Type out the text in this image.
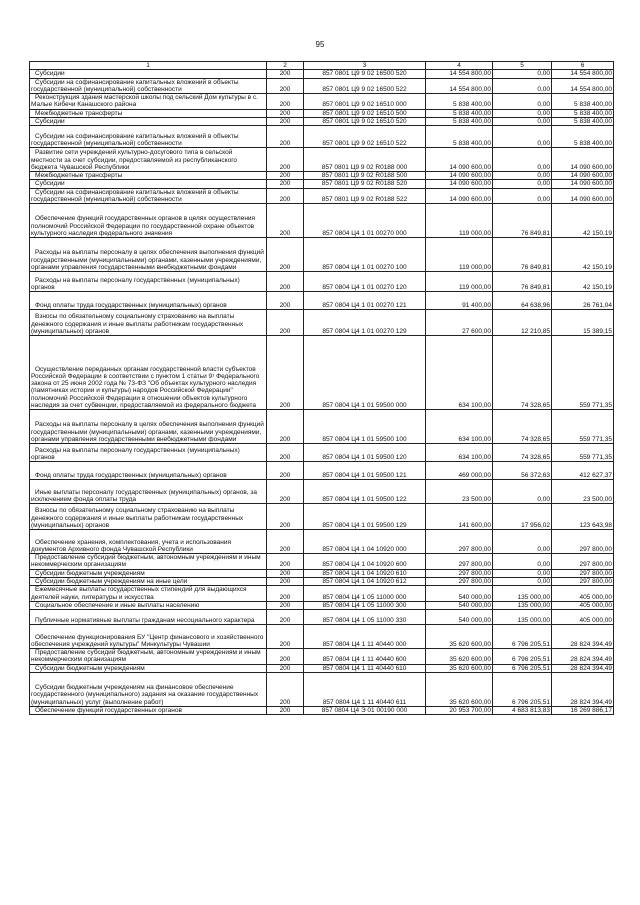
95
1	2	3	4	5	6
Субсидии	200	857 0801 Ц9 9 02 16500 520	14 554 800,00	0,00	14 554 800,00
Субсидии на софинансирование капитальных вложений в объекты государственной (муниципальной) собственности	200	857 0801 Ц9 9 02 16500 522	14 554 800,00	0,00	14 554 800,00
Реконструкция здания мастерской школы под сельский Дом культуры в с. Малые Кибечи Канашского района	200	857 0801 Ц9 9 02 16510 000	5 838 400,00	0,00	5 838 400,00
Межбюджетные трансферты	200	857 0801 Ц9 9 02 16510 500	5 838 400,00	0,00	5 838 400,00
Субсидии	200	857 0801 Ц9 9 02 16510 520	5 838 400,00	0,00	5 838 400,00
Субсидии на софинансирование капитальных вложений в объекты государственной (муниципальной) собственности	200	857 0801 Ц9 9 02 16510 522	5 838 400,00	0,00	5 838 400,00
Развитие сети учреждений культурно-досугового типа в сельской местности за счет субсидии, предоставляемой из республиканского бюджета Чувашской Республики	200	857 0801 Ц9 9 02 R0188 000	14 090 600,00	0,00	14 090 600,00
Межбюджетные трансферты	200	857 0801 Ц9 9 02 R0188 500	14 090 600,00	0,00	14 090 600,00
Субсидии	200	857 0801 Ц9 9 02 R0188 520	14 090 600,00	0,00	14 090 600,00
Субсидии на софинансирование капитальных вложений в объекты государственной (муниципальной) собственности	200	857 0801 Ц9 9 02 R0188 522	14 090 600,00	0,00	14 090 600,00
Обеспечение функций государственных органов в целях осуществления полномочий Российской Федерации по государственной охране объектов культурного наследия федерального значения	200	857 0804 Ц4 1 01 00270 000	119 000,00	76 849,81	42 150,19
Расходы на выплаты персоналу в целях обеспечения выполнения функций государственными (муниципальными) органами, казенными учреждениями, органами управления государственными внебюджетными фондами	200	857 0804 Ц4 1 01 00270 100	119 000,00	76 849,81	42 150,19
Расходы на выплаты персоналу государственных (муниципальных) органов	200	857 0804 Ц4 1 01 00270 120	119 000,00	76 849,81	42 150,19
Фонд оплаты труда государственных (муниципальных) органов	200	857 0804 Ц4 1 01 00270 121	91 400,00	64 638,96	26 761,04
Взносы по обязательному социальному страхованию на выплаты денежного содержания и иные выплаты работникам государственных (муниципальных) органов	200	857 0804 Ц4 1 01 00270 129	27 600,00	12 210,85	15 389,15
Осуществление переданных органам государственной власти субъектов Российской Федерации в соответствии с пунктом 1 статьи 9¹ Федерального закона от 25 июня 2002 года № 73-ФЗ "Об объектах культурного наследия (памятниках истории и культуры) народов Российской Федерации" полномочий Российской Федерации в отношении объектов культурного наследия за счет субвенции, предоставляемой из федерального бюджета	200	857 0804 Ц4 1 01 59500 000	634 100,00	74 328,65	559 771,35
Расходы на выплаты персоналу в целях обеспечения выполнения функций государственными (муниципальными) органами, казенными учреждениями, органами управления государственными внебюджетными фондами	200	857 0804 Ц4 1 01 59500 100	634 100,00	74 328,65	559 771,35
Расходы на выплаты персоналу государственных (муниципальных) органов	200	857 0804 Ц4 1 01 59500 120	634 100,00	74 328,65	559 771,35
Фонд оплаты труда государственных (муниципальных) органов	200	857 0804 Ц4 1 01 59500 121	469 000,00	56 372,63	412 627,37
Иные выплаты персоналу государственных (муниципальных) органов, за исключением фонда оплаты труда	200	857 0804 Ц4 1 01 59500 122	23 500,00	0,00	23 500,00
Взносы по обязательному социальному страхованию на выплаты денежного содержания и иные выплаты работникам государственных (муниципальных) органов	200	857 0804 Ц4 1 01 59500 129	141 600,00	17 956,02	123 643,98
Обеспечение хранения, комплектования, учета и использования документов Архивного фонда Чувашской Республики	200	857 0804 Ц4 1 04 10920 000	297 800,00	0,00	297 800,00
Предоставление субсидий бюджетным, автономным учреждениям и иным некоммерческим организациям	200	857 0804 Ц4 1 04 10920 600	297 800,00	0,00	297 800,00
Субсидии бюджетным учреждениям	200	857 0804 Ц4 1 04 10920 610	297 800,00	0,00	297 800,00
Субсидии бюджетным учреждениям на иные цели	200	857 0804 Ц4 1 04 10920 612	297 800,00	0,00	297 800,00
Ежемесячные выплаты государственных стипендий для выдающихся деятелей науки, литературы и искусства	200	857 0804 Ц4 1 05 11000 000	540 000,00	135 000,00	405 000,00
Социальное обеспечение и иные выплаты населению	200	857 0804 Ц4 1 05 11000 300	540 000,00	135 000,00	405 000,00
Публичные нормативные выплаты гражданам несоциального характера	200	857 0804 Ц4 1 05 11000 330	540 000,00	135 000,00	405 000,00
Обеспечение функционирования БУ "Центр финансового и хозяйственного обеспечения учреждений культуры" Минкультуры Чувашии	200	857 0804 Ц4 1 11 40440 000	35 620 600,00	6 796 205,51	28 824 394,49
Предоставление субсидий бюджетным, автономным учреждениям и иным некоммерческим организациям	200	857 0804 Ц4 1 11 40440 600	35 620 600,00	6 796 205,51	28 824 394,49
Субсидии бюджетным учреждениям	200	857 0804 Ц4 1 11 40440 610	35 620 600,00	6 796 205,51	28 824 394,49
Субсидии бюджетным учреждениям на финансовое обеспечение государственного (муниципального) задания на оказание государственных (муниципальных) услуг (выполнение работ)	200	857 0804 Ц4 1 11 40440 611	35 620 600,00	6 796 205,51	28 824 394,49
Обеспечение функций государственных органов	200	857 0804 Ц4 Э 01 00190 000	20 953 700,00	4 683 813,83	16 269 886,17
